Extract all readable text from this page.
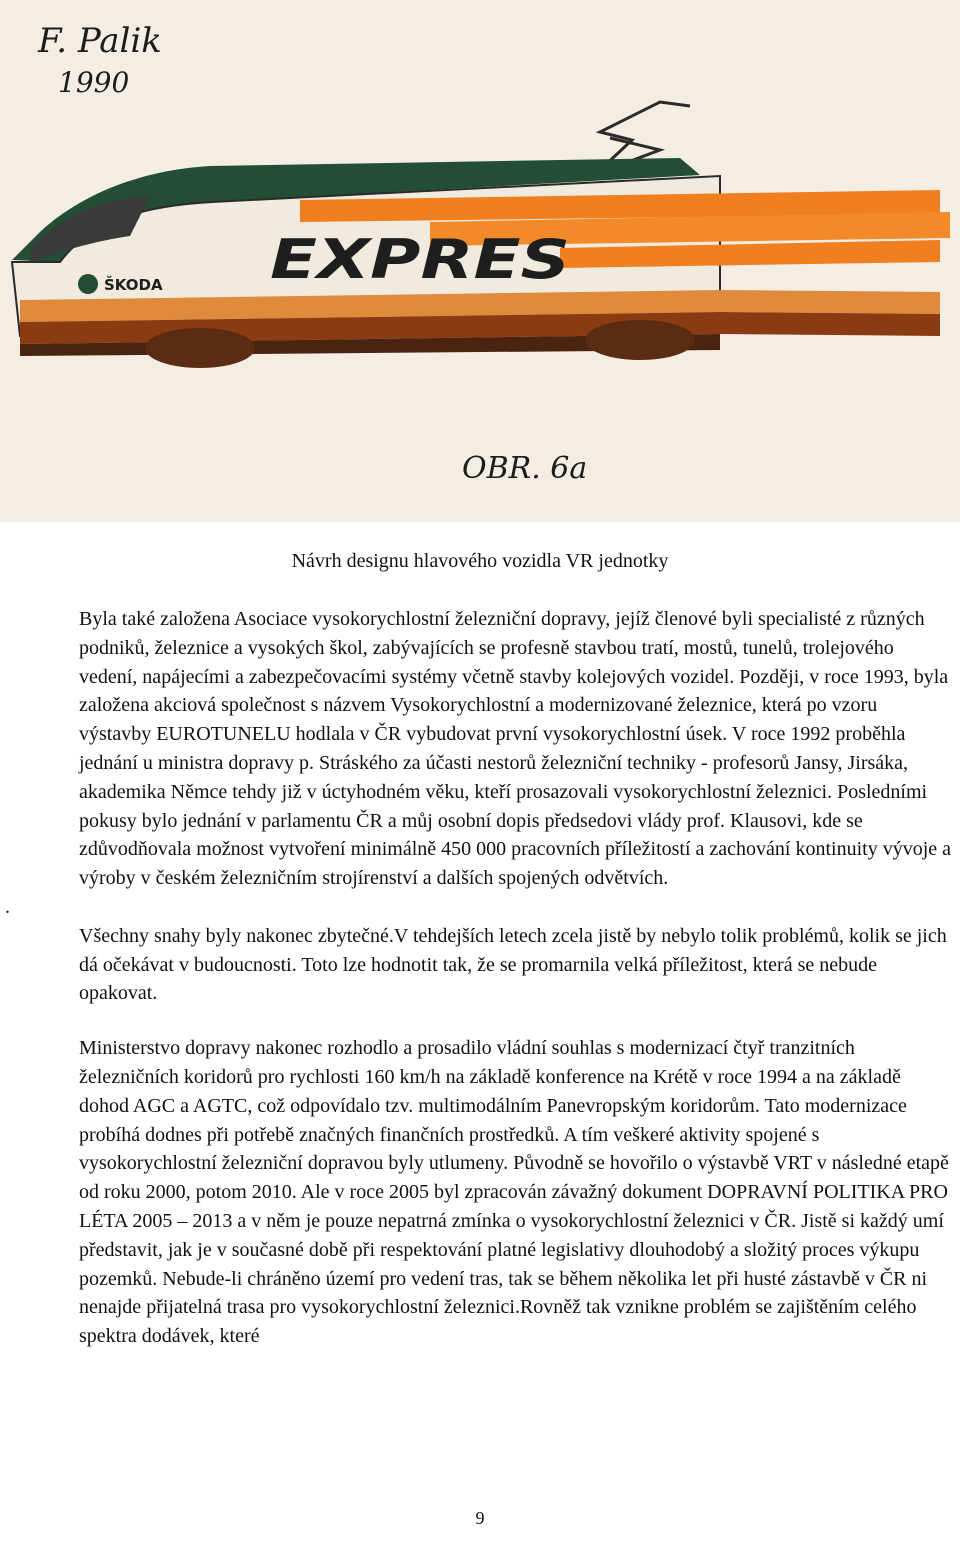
F. Palik
1990
OBR. 6a
EXPRES
ŠKODA
Návrh designu hlavového vozidla VR jednotky

Byla také založena Asociace vysokorychlostní železniční dopravy, jejíž členové byli specialisté z různých podniků, železnice a vysokých škol, zabývajících se profesně stavbou tratí, mostů, tunelů, trolejového vedení, napájecími a zabezpečovacími systémy včetně stavby kolejových vozidel. Později, v roce 1993, byla založena akciová společnost s názvem Vysokorychlostní a modernizované železnice, která po vzoru výstavby EUROTUNELU hodlala v ČR vybudovat první vysokorychlostní úsek. V roce 1992 proběhla jednání u ministra dopravy p. Stráského za účasti nestorů železniční techniky - profesorů Jansy, Jirsáka, akademika Němce tehdy již v úctyhodném věku, kteří prosazovali vysokorychlostní železnici. Posledními pokusy bylo jednání v parlamentu ČR a můj osobní dopis předsedovi vlády prof. Klausovi, kde se zdůvodňovala možnost vytvoření minimálně 450 000 pracovních příležitostí a zachování kontinuity vývoje a výroby v českém železničním strojírenství a dalších spojených odvětvích.

.

Všechny snahy byly nakonec zbytečné.V tehdejších letech zcela jistě by nebylo tolik problémů, kolik se jich dá očekávat v budoucnosti. Toto lze hodnotit tak, že se promarnila velká příležitost, která se nebude opakovat.

Ministerstvo dopravy nakonec rozhodlo a prosadilo vládní souhlas s modernizací čtyř tranzitních železničních koridorů pro rychlosti 160 km/h na základě konference na Krétě v roce 1994 a na základě dohod AGC a AGTC, což odpovídalo tzv. multimodálním Panevropským koridorům. Tato modernizace probíhá dodnes při potřebě značných finančních prostředků. A tím veškeré aktivity spojené s vysokorychlostní železniční dopravou byly utlumeny. Původně se hovořilo o výstavbě VRT v následné etapě od roku 2000, potom 2010. Ale v roce 2005 byl zpracován závažný dokument DOPRAVNÍ POLITIKA PRO LÉTA 2005 – 2013 a v něm je pouze nepatrná zmínka o vysokorychlostní železnici v ČR. Jistě si každý umí představit, jak je v současné době při respektování platné legislativy dlouhodobý a složitý proces výkupu pozemků. Nebude-li chráněno území pro vedení tras, tak se během několika let při husté zástavbě v ČR ni nenajde přijatelná trasa pro vysokorychlostní železnici.Rovněž tak vznikne problém se zajištěním celého spektra dodávek, které

9
